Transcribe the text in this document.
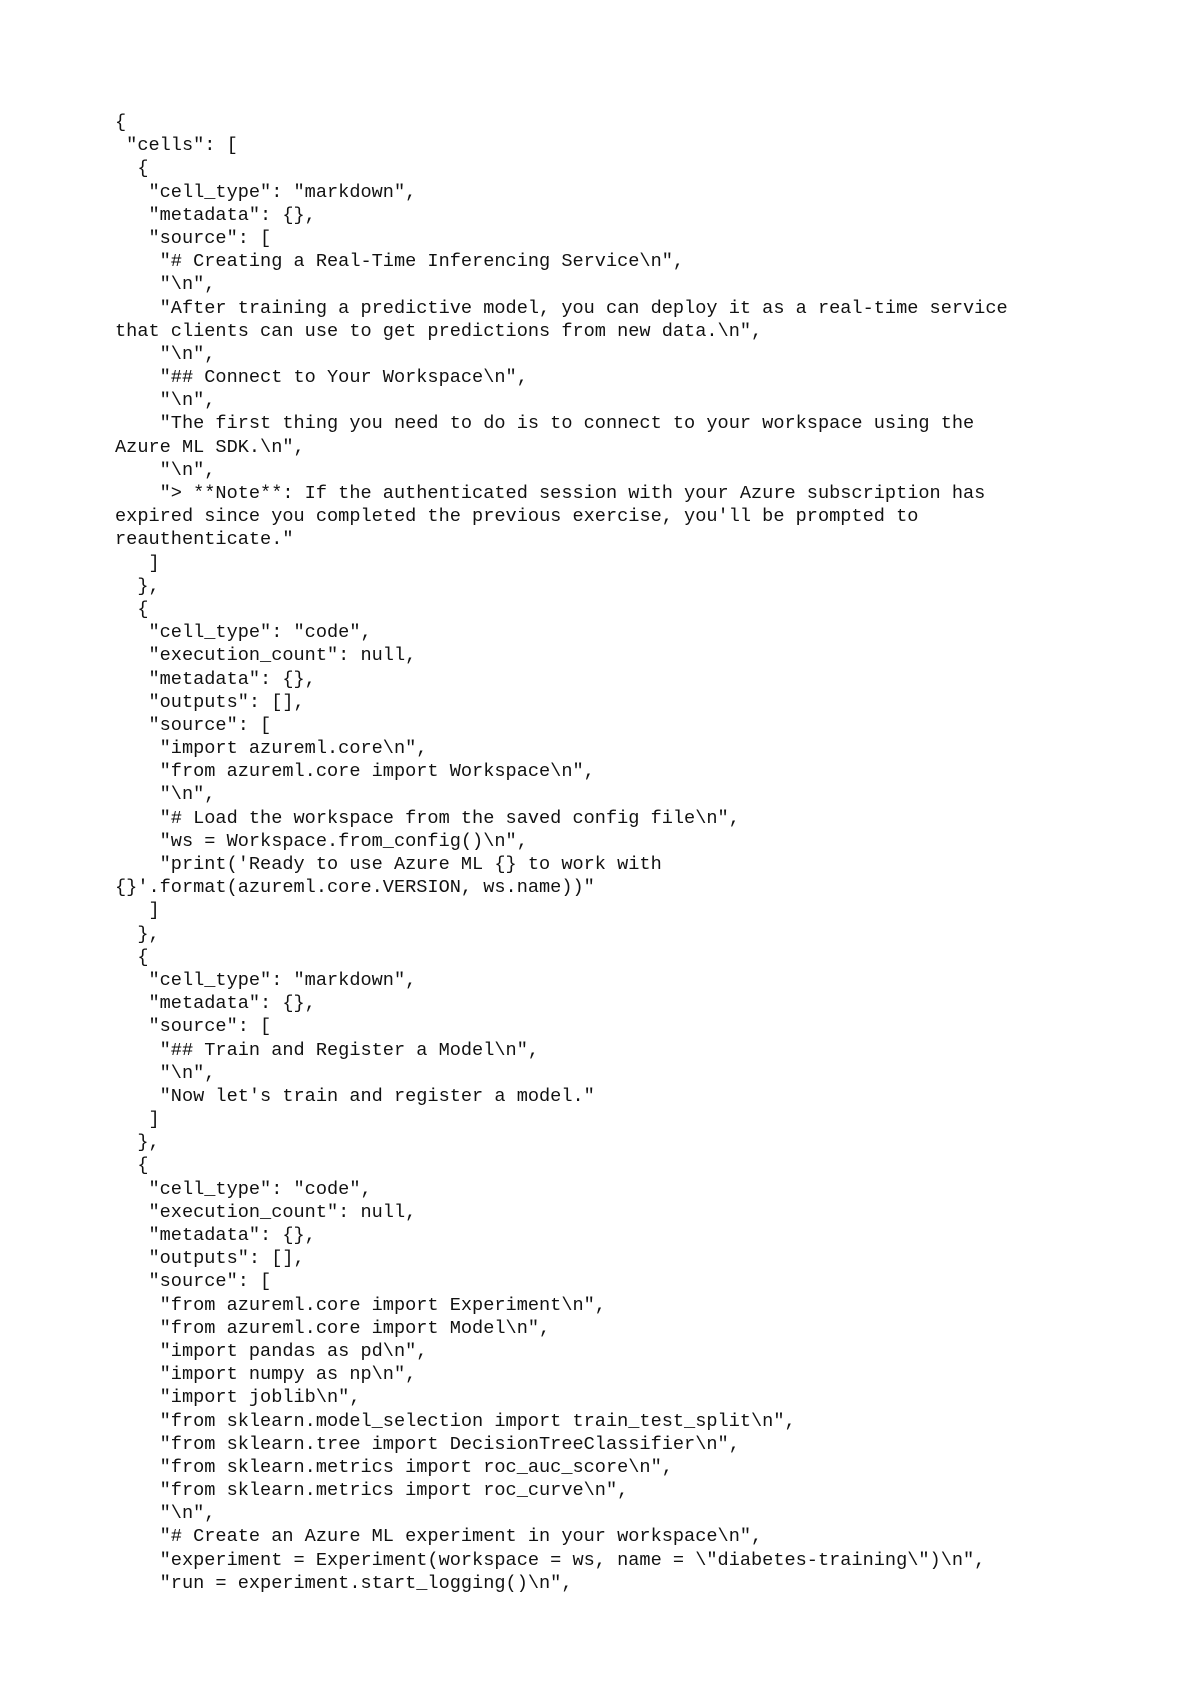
{
"cells": [
{
"cell_type": "markdown",
"metadata": {},
"source": [
"# Creating a Real-Time Inferencing Service\n",
"\n",
"After training a predictive model, you can deploy it as a real-time service
that clients can use to get predictions from new data.\n",
"\n",
"## Connect to Your Workspace\n",
"\n",
"The first thing you need to do is to connect to your workspace using the
Azure ML SDK.\n",
"\n",
"> **Note**: If the authenticated session with your Azure subscription has
expired since you completed the previous exercise, you'll be prompted to
reauthenticate."
]
},
{
"cell_type": "code",
"execution_count": null,
"metadata": {},
"outputs": [],
"source": [
"import azureml.core\n",
"from azureml.core import Workspace\n",
"\n",
"# Load the workspace from the saved config file\n",
"ws = Workspace.from_config()\n",
"print('Ready to use Azure ML {} to work with
{}'.format(azureml.core.VERSION, ws.name))"
]
},
{
"cell_type": "markdown",
"metadata": {},
"source": [
"## Train and Register a Model\n",
"\n",
"Now let's train and register a model."
]
},
{
"cell_type": "code",
"execution_count": null,
"metadata": {},
"outputs": [],
"source": [
"from azureml.core import Experiment\n",
"from azureml.core import Model\n",
"import pandas as pd\n",
"import numpy as np\n",
"import joblib\n",
"from sklearn.model_selection import train_test_split\n",
"from sklearn.tree import DecisionTreeClassifier\n",
"from sklearn.metrics import roc_auc_score\n",
"from sklearn.metrics import roc_curve\n",
"\n",
"# Create an Azure ML experiment in your workspace\n",
"experiment = Experiment(workspace = ws, name = \"diabetes-training\")\n",
"run = experiment.start_logging()\n",
